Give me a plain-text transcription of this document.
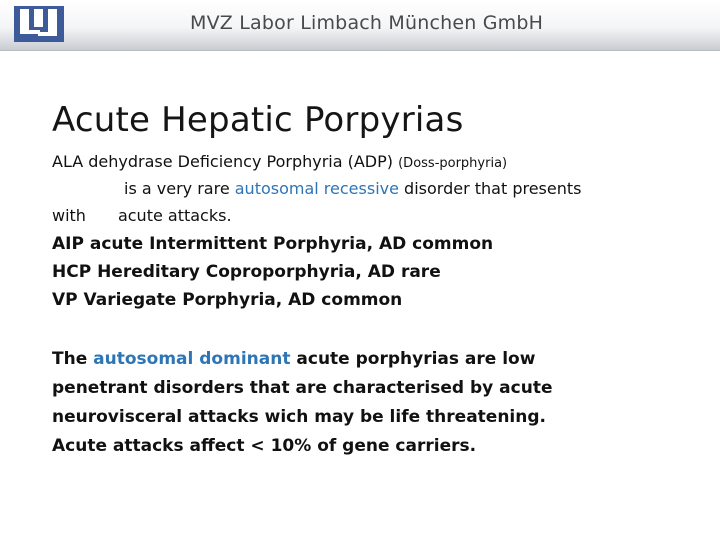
MVZ Labor Limbach München GmbH
Acute Hepatic Porpyrias
ALA dehydrase Deficiency Porphyria (ADP) (Doss-porphyria)
is a very rare autosomal recessive disorder that presents
with acute attacks.
AIP acute Intermittent Porphyria, AD common
HCP Hereditary Coproporphyria, AD rare
VP Variegate Porphyria, AD common
The autosomal dominant acute porphyrias are low
penetrant disorders that are characterised by acute
neurovisceral attacks wich may be life threatening.
Acute attacks affect < 10% of gene carriers.
